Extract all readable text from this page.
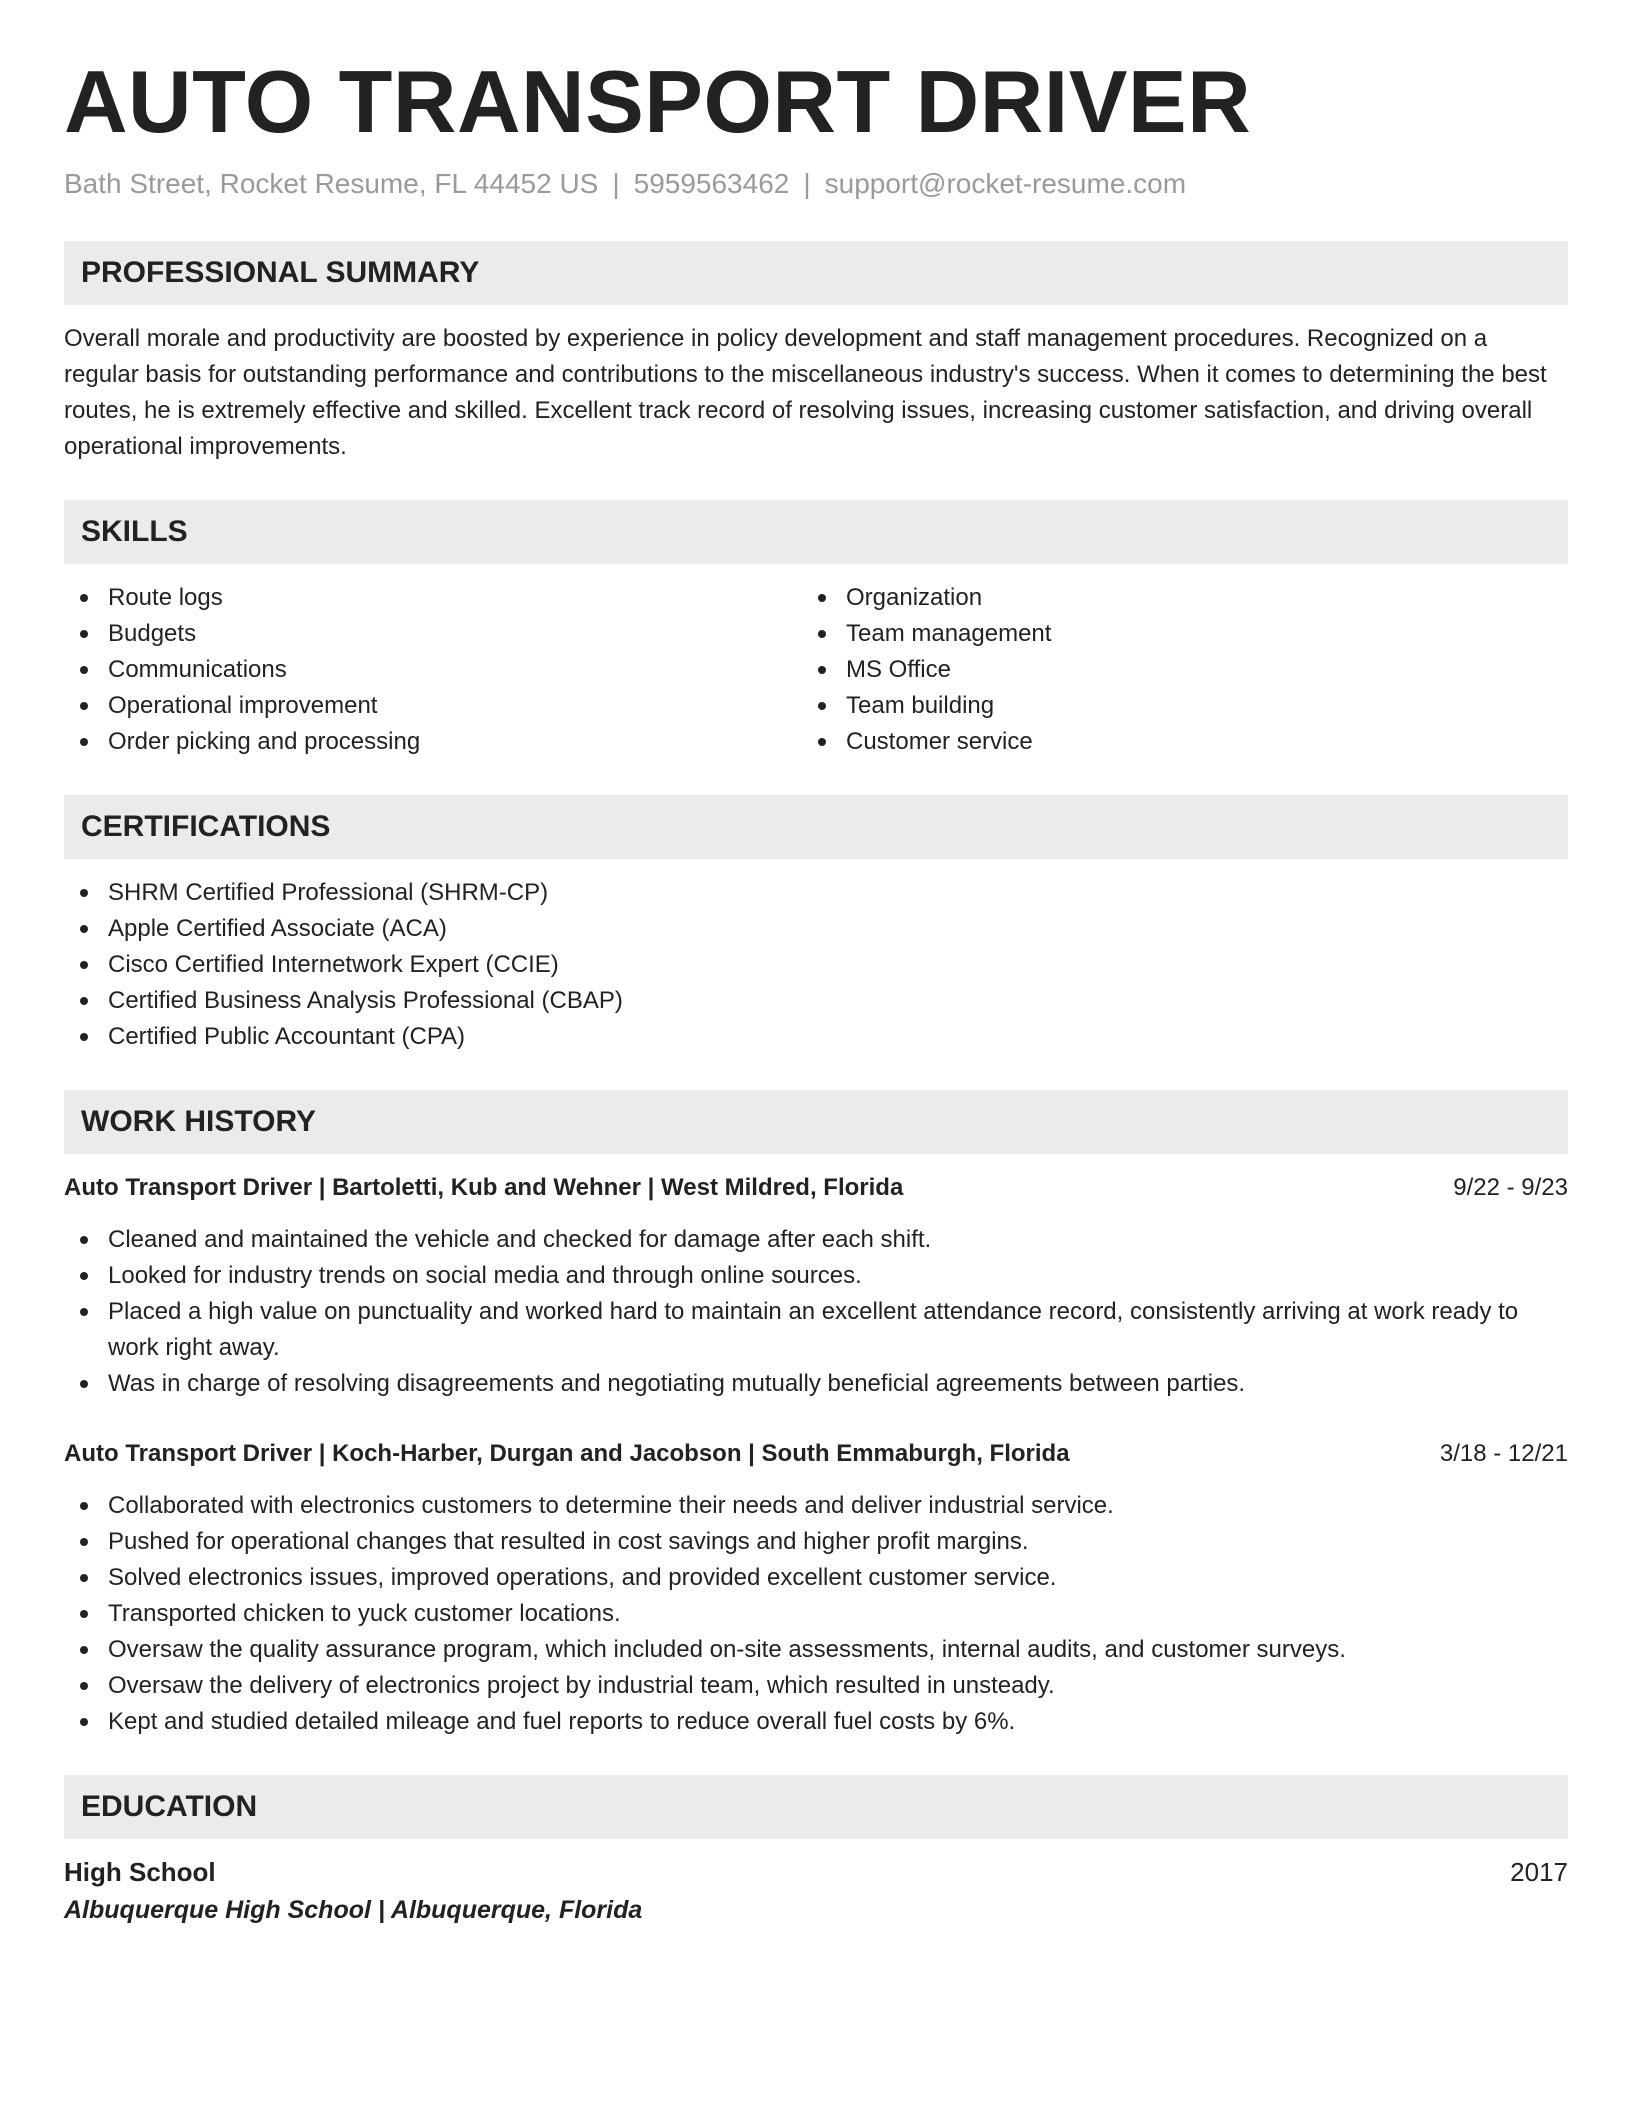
AUTO TRANSPORT DRIVER
Bath Street, Rocket Resume, FL 44452 US | 5959563462 | support@rocket-resume.com
PROFESSIONAL SUMMARY

Overall morale and productivity are boosted by experience in policy development and staff management procedures. Recognized on a regular basis for outstanding performance and contributions to the miscellaneous industry's success. When it comes to determining the best routes, he is extremely effective and skilled. Excellent track record of resolving issues, increasing customer satisfaction, and driving overall operational improvements.

SKILLS
Route logs
Budgets
Communications
Operational improvement
Order picking and processing
Organization
Team management
MS Office
Team building
Customer service
CERTIFICATIONS
SHRM Certified Professional (SHRM-CP)
Apple Certified Associate (ACA)
Cisco Certified Internetwork Expert (CCIE)
Certified Business Analysis Professional (CBAP)
Certified Public Accountant (CPA)
WORK HISTORY
Auto Transport Driver | Bartoletti, Kub and Wehner | West Mildred, Florida	9/22 - 9/23
Cleaned and maintained the vehicle and checked for damage after each shift.
Looked for industry trends on social media and through online sources.
Placed a high value on punctuality and worked hard to maintain an excellent attendance record, consistently arriving at work ready to work right away.
Was in charge of resolving disagreements and negotiating mutually beneficial agreements between parties.
Auto Transport Driver | Koch-Harber, Durgan and Jacobson | South Emmaburgh, Florida	3/18 - 12/21
Collaborated with electronics customers to determine their needs and deliver industrial service.
Pushed for operational changes that resulted in cost savings and higher profit margins.
Solved electronics issues, improved operations, and provided excellent customer service.
Transported chicken to yuck customer locations.
Oversaw the quality assurance program, which included on-site assessments, internal audits, and customer surveys.
Oversaw the delivery of electronics project by industrial team, which resulted in unsteady.
Kept and studied detailed mileage and fuel reports to reduce overall fuel costs by 6%.
EDUCATION
High School	2017
Albuquerque High School | Albuquerque, Florida
